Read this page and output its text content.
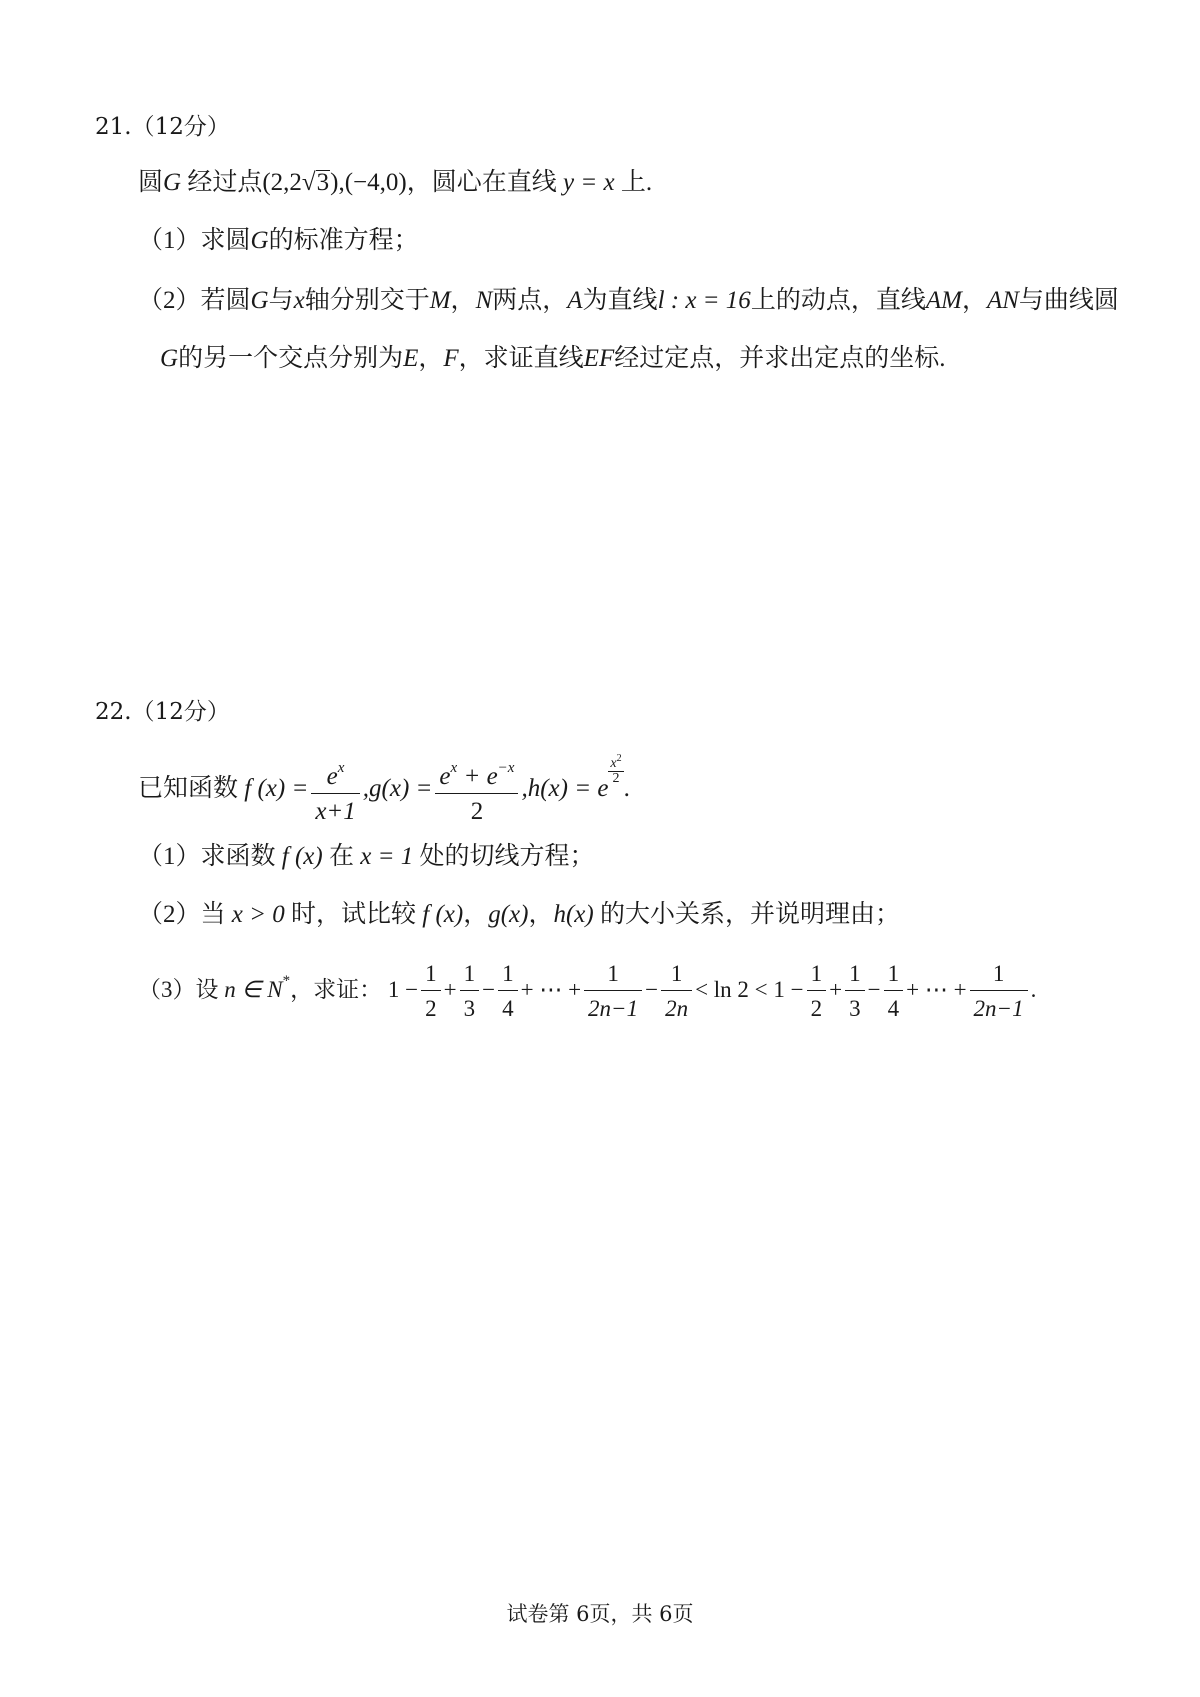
21.（12分）
圆G 经过点(2,2√3),(−4,0)，圆心在直线 y = x 上.
（1）求圆G的标准方程；
（2）若圆G与x轴分别交于M，N两点，A为直线l : x = 16上的动点，直线AM，AN与曲线圆
G的另一个交点分别为E，F，求证直线EF经过定点，并求出定点的坐标.
22.（12分）
已知函数 f $(x) = \frac{e^x}{x+1} ,g(x) = \frac{e^x + e^{-x}}{2} ,h(x) = e$
$\frac{x^2}{2}$
.
（1）求函数 f (x) 在 x = 1 处的切线方程；
（2）当 x > 0 时，试比较 f (x)，g(x)，h(x) 的大小关系，并说明理由；
（3）设 n ∈ N*，求证： $1 - \frac{1}{2} + \frac{1}{3} - \frac{1}{4}$ + ⋯ + $\frac{1}{2n-1} - \frac{1}{2n} < \ln 2 < 1 - \frac{1}{2} + \frac{1}{3} - \frac{1}{4}$ + ⋯ + $\frac{1}{2n-1}$ .
试卷第 6页，共 6页
